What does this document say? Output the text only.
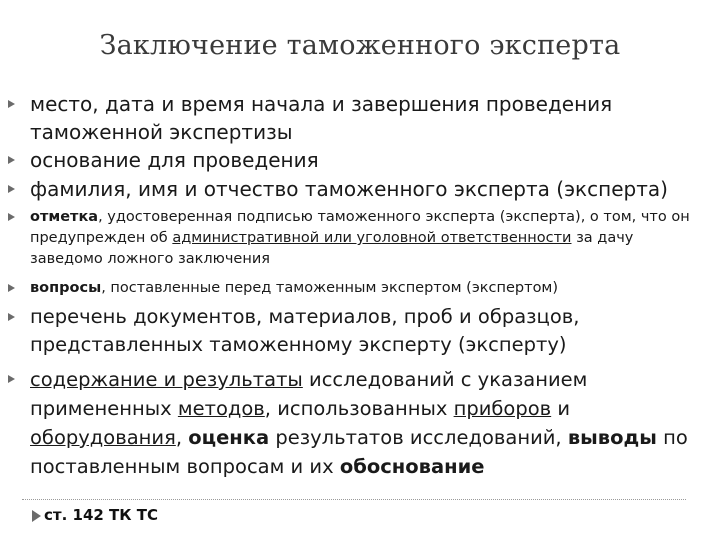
Заключение таможенного эксперта
место, дата и время начала и завершения проведения таможенной экспертизы
основание для проведения
фамилия, имя и отчество таможенного эксперта (эксперта)
отметка, удостоверенная подписью таможенного эксперта (эксперта), о том, что он предупрежден об административной или уголовной ответственности за дачу заведомо ложного заключения
вопросы, поставленные перед таможенным экспертом (экспертом)
перечень документов, материалов, проб и образцов, представленных таможенному эксперту (эксперту)
содержание и результаты исследований с указанием примененных методов, использованных приборов и оборудования, оценка результатов исследований, выводы по поставленным вопросам и их обоснование
ст. 142 ТК ТС
